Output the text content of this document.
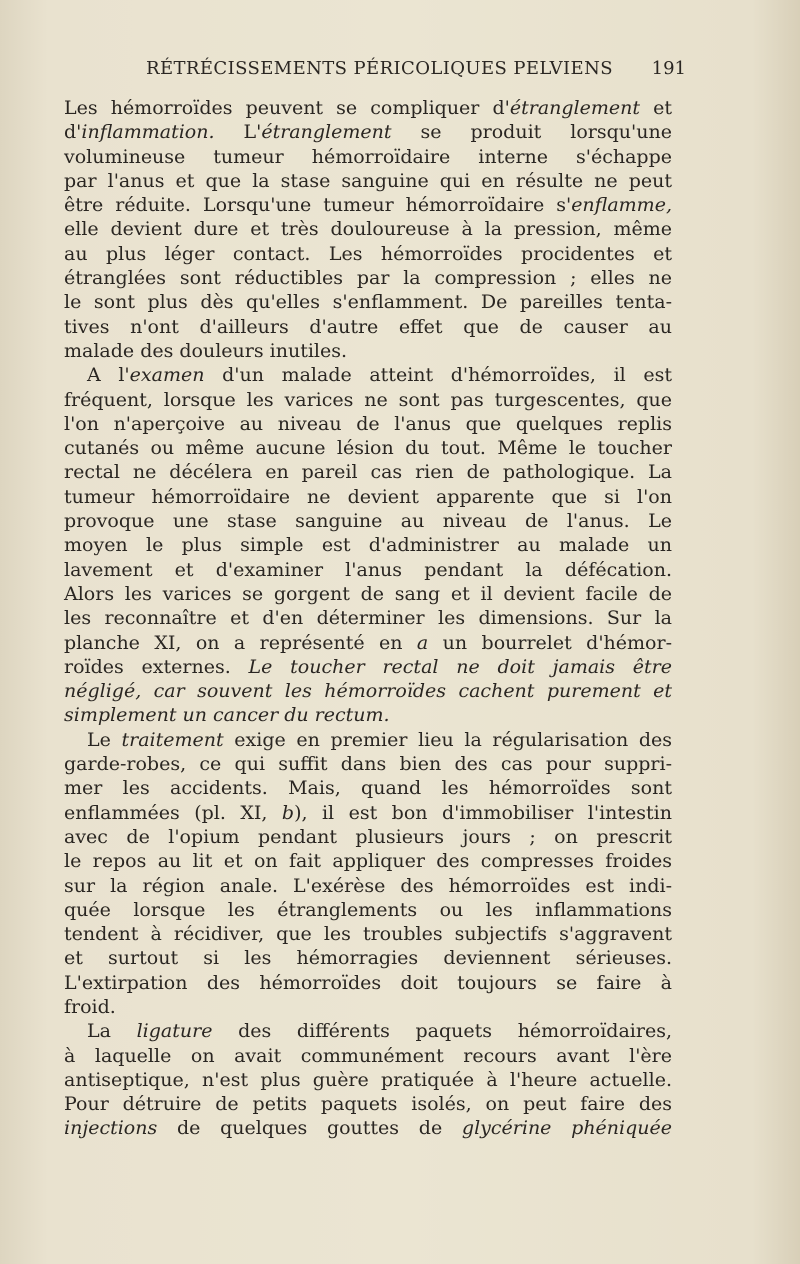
RÉTRÉCISSEMENTS PÉRICOLIQUES PELVIENS 191
Les hémorroïdes peuvent se compliquer d'étranglement et
d'inflammation. L'étranglement se produit lorsqu'une
volumineuse tumeur hémorroïdaire interne s'échappe
par l'anus et que la stase sanguine qui en résulte ne peut
être réduite. Lorsqu'une tumeur hémorroïdaire s'enflamme,
elle devient dure et très douloureuse à la pression, même
au plus léger contact. Les hémorroïdes procidentes et
étranglées sont réductibles par la compression ; elles ne
le sont plus dès qu'elles s'enflamment. De pareilles tenta-
tives n'ont d'ailleurs d'autre effet que de causer au
malade des douleurs inutiles.
A l'examen d'un malade atteint d'hémorroïdes, il est
fréquent, lorsque les varices ne sont pas turgescentes, que
l'on n'aperçoive au niveau de l'anus que quelques replis
cutanés ou même aucune lésion du tout. Même le toucher
rectal ne décélera en pareil cas rien de pathologique. La
tumeur hémorroïdaire ne devient apparente que si l'on
provoque une stase sanguine au niveau de l'anus. Le
moyen le plus simple est d'administrer au malade un
lavement et d'examiner l'anus pendant la défécation.
Alors les varices se gorgent de sang et il devient facile de
les reconnaître et d'en déterminer les dimensions. Sur la
planche XI, on a représenté en a un bourrelet d'hémor-
roïdes externes. Le toucher rectal ne doit jamais être
négligé, car souvent les hémorroïdes cachent purement et
simplement un cancer du rectum.
Le traitement exige en premier lieu la régularisation des
garde-robes, ce qui suffit dans bien des cas pour suppri-
mer les accidents. Mais, quand les hémorroïdes sont
enflammées (pl. XI, b), il est bon d'immobiliser l'intestin
avec de l'opium pendant plusieurs jours ; on prescrit
le repos au lit et on fait appliquer des compresses froides
sur la région anale. L'exérèse des hémorroïdes est indi-
quée lorsque les étranglements ou les inflammations
tendent à récidiver, que les troubles subjectifs s'aggravent
et surtout si les hémorragies deviennent sérieuses.
L'extirpation des hémorroïdes doit toujours se faire à
froid.
La ligature des différents paquets hémorroïdaires,
à laquelle on avait communément recours avant l'ère
antiseptique, n'est plus guère pratiquée à l'heure actuelle.
Pour détruire de petits paquets isolés, on peut faire des
injections de quelques gouttes de glycérine phéniquée
